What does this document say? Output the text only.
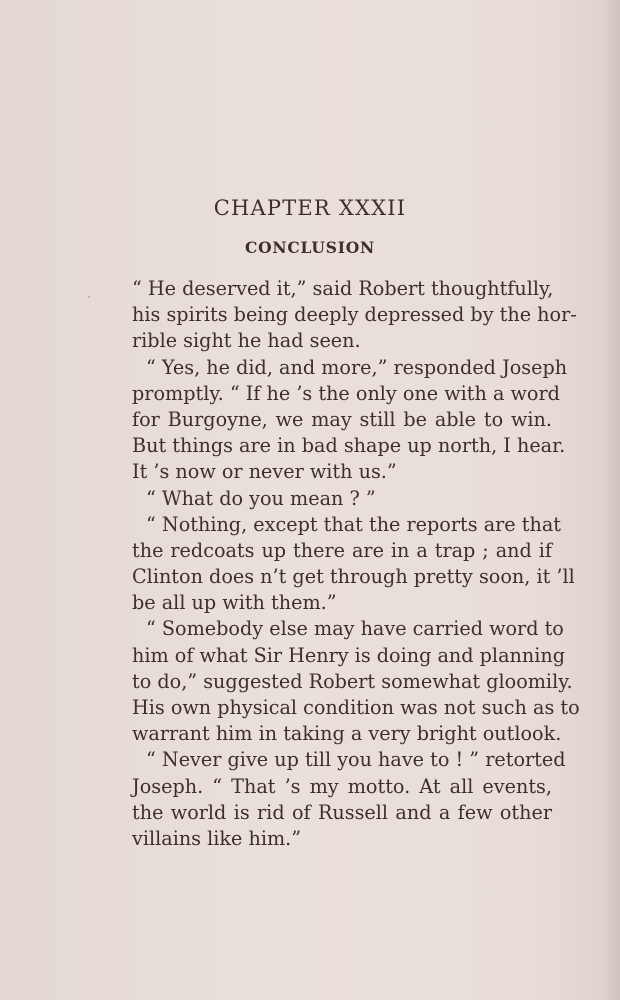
CHAPTER XXXII
CONCLUSION
“ He deserved it,” said Robert thoughtfully,
his spirits being deeply depressed by the hor-
rible sight he had seen.
“ Yes, he did, and more,” responded Joseph
promptly. “ If he ’s the only one with a word
for Burgoyne, we may still be able to win.
But things are in bad shape up north, I hear.
It ’s now or never with us.”
“ What do you mean ? ”
“ Nothing, except that the reports are that
the redcoats up there are in a trap ; and if
Clinton does n’t get through pretty soon, it ’ll
be all up with them.”
“ Somebody else may have carried word to
him of what Sir Henry is doing and planning
to do,” suggested Robert somewhat gloomily.
His own physical condition was not such as to
warrant him in taking a very bright outlook.
“ Never give up till you have to ! ” retorted
Joseph. “ That ’s my motto. At all events,
the world is rid of Russell and a few other
villains like him.”
